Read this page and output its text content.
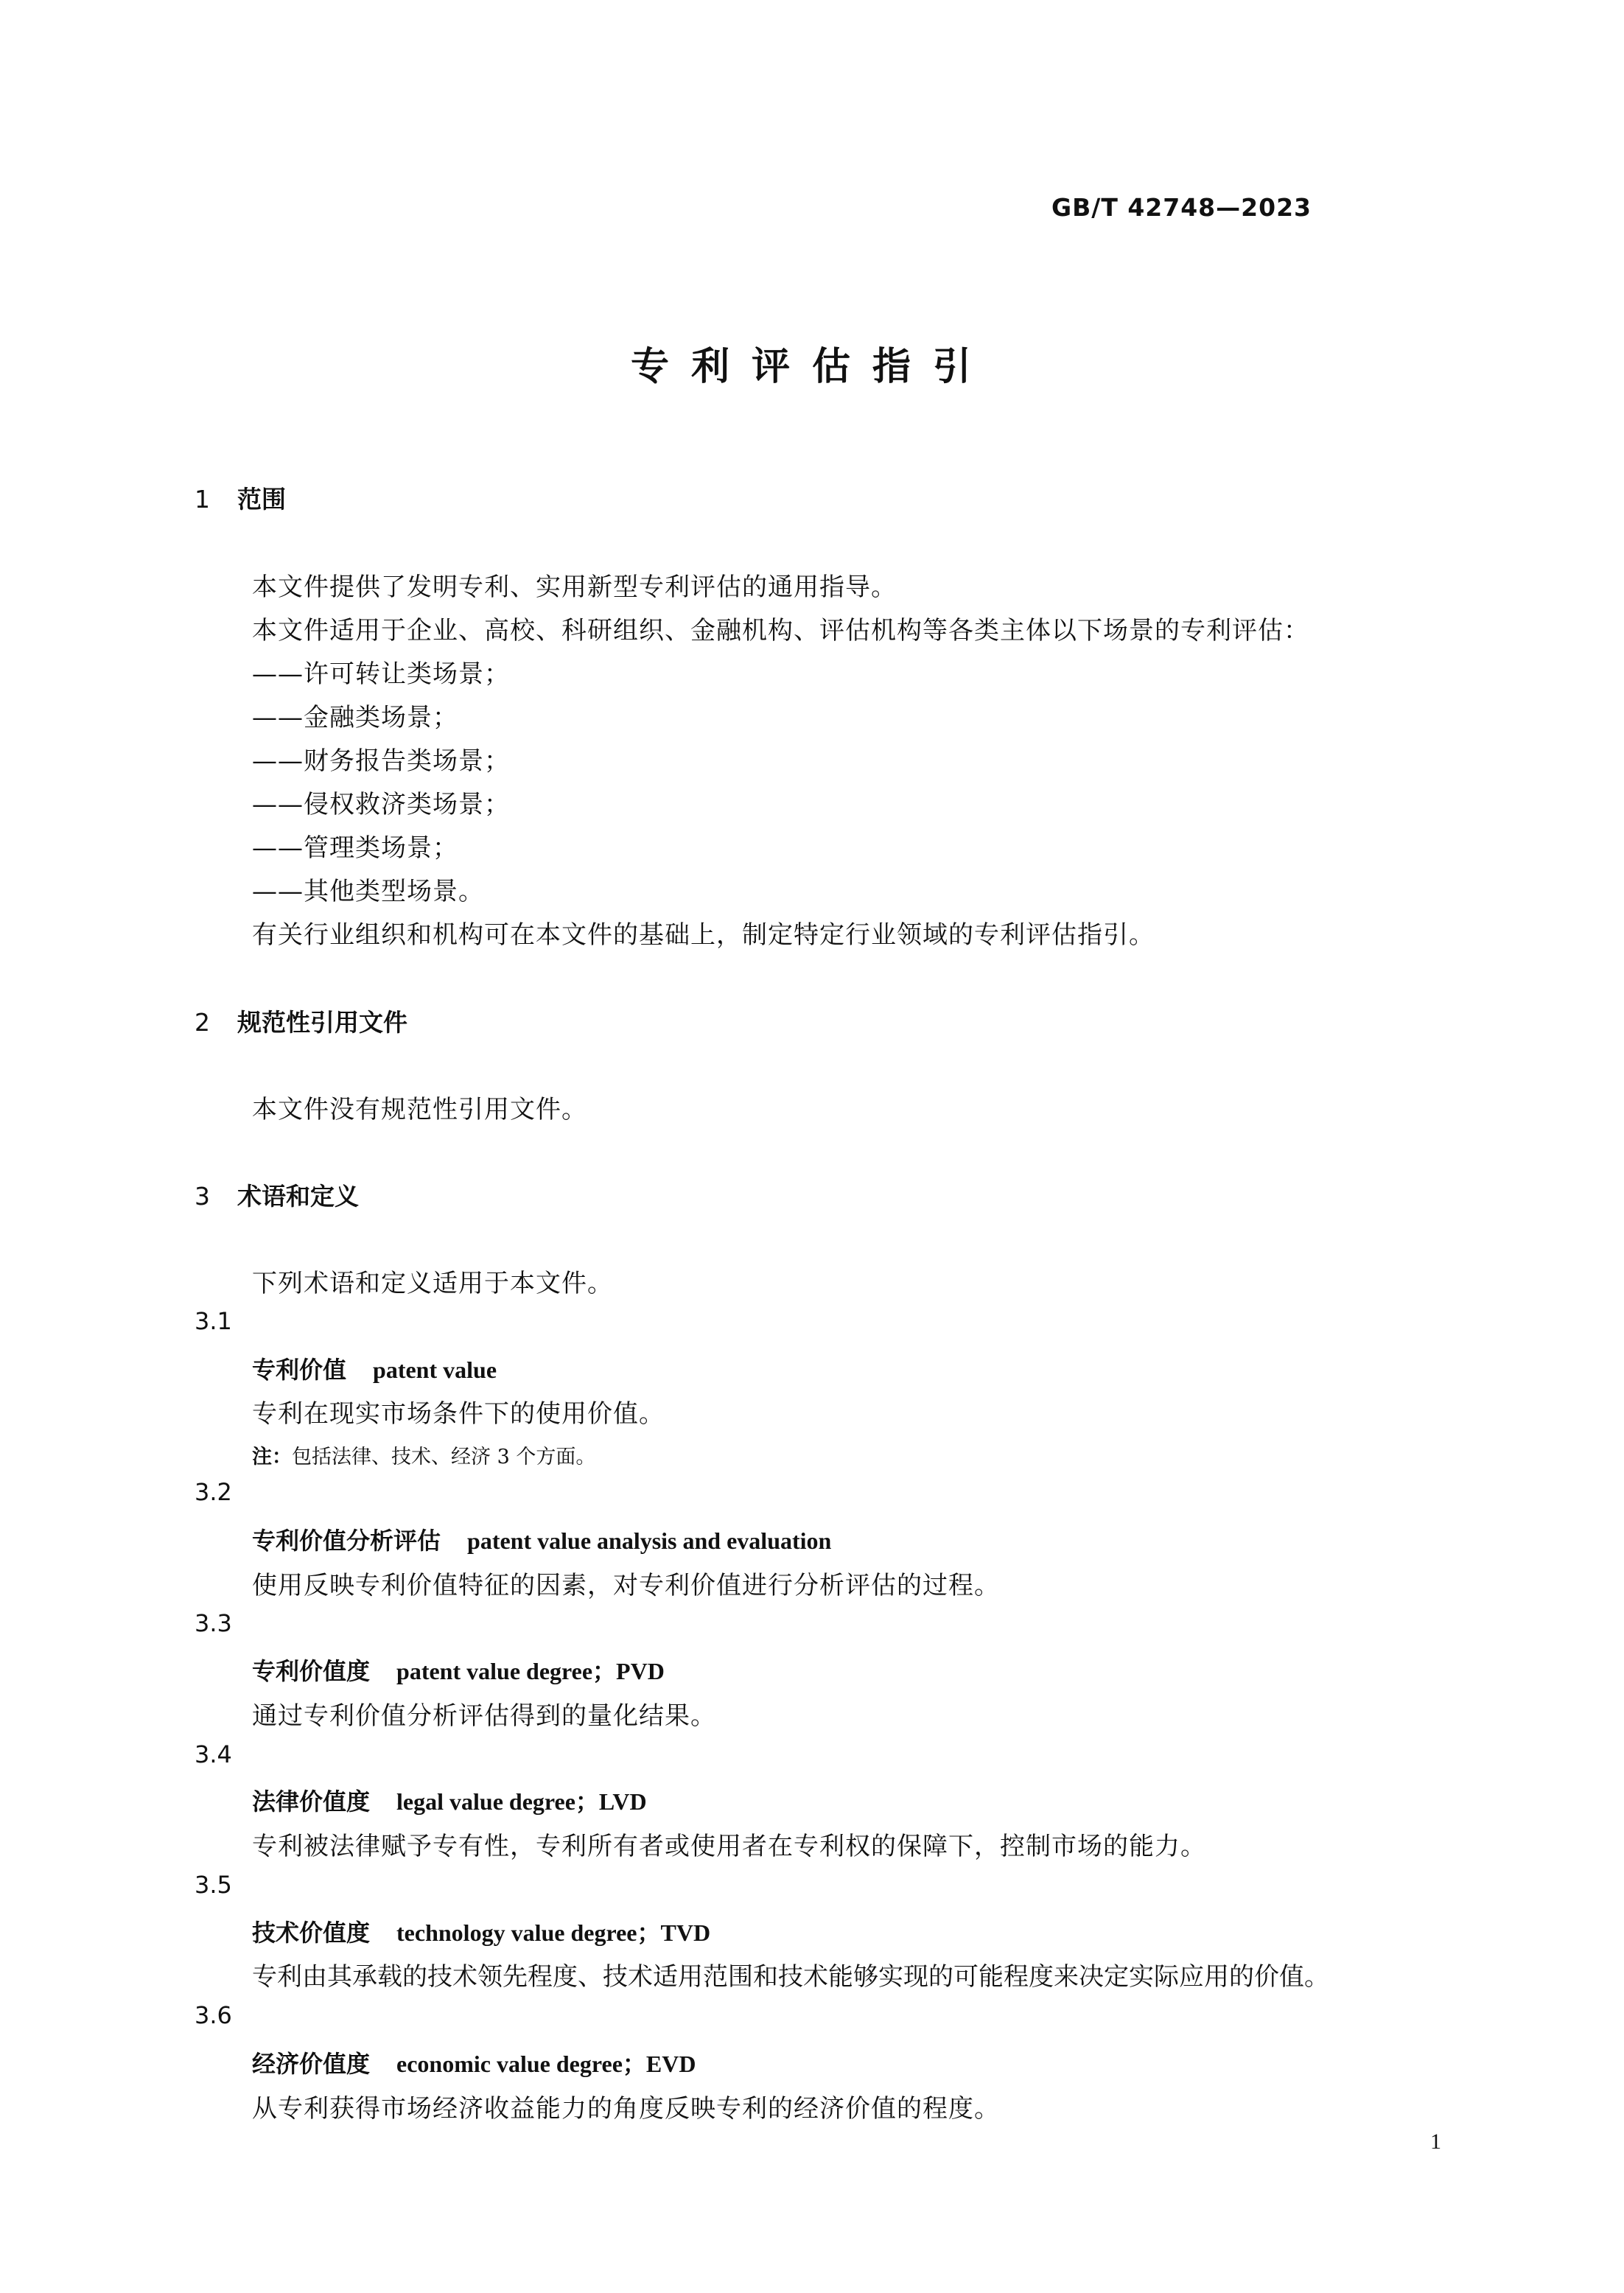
GB/T 42748—2023
专利评估指引
1 范围
本文件提供了发明专利、实用新型专利评估的通用指导。
本文件适用于企业、高校、科研组织、金融机构、评估机构等各类主体以下场景的专利评估：
——许可转让类场景；
——金融类场景；
——财务报告类场景；
——侵权救济类场景；
——管理类场景；
——其他类型场景。
有关行业组织和机构可在本文件的基础上，制定特定行业领域的专利评估指引。
2 规范性引用文件
本文件没有规范性引用文件。
3 术语和定义
下列术语和定义适用于本文件。
3.1
专利价值 patent value
专利在现实市场条件下的使用价值。
注：包括法律、技术、经济 3 个方面。
3.2
专利价值分析评估 patent value analysis and evaluation
使用反映专利价值特征的因素，对专利价值进行分析评估的过程。
3.3
专利价值度 patent value degree；PVD
通过专利价值分析评估得到的量化结果。
3.4
法律价值度 legal value degree；LVD
专利被法律赋予专有性，专利所有者或使用者在专利权的保障下，控制市场的能力。
3.5
技术价值度 technology value degree；TVD
专利由其承载的技术领先程度、技术适用范围和技术能够实现的可能程度来决定实际应用的价值。
3.6
经济价值度 economic value degree；EVD
从专利获得市场经济收益能力的角度反映专利的经济价值的程度。
1
